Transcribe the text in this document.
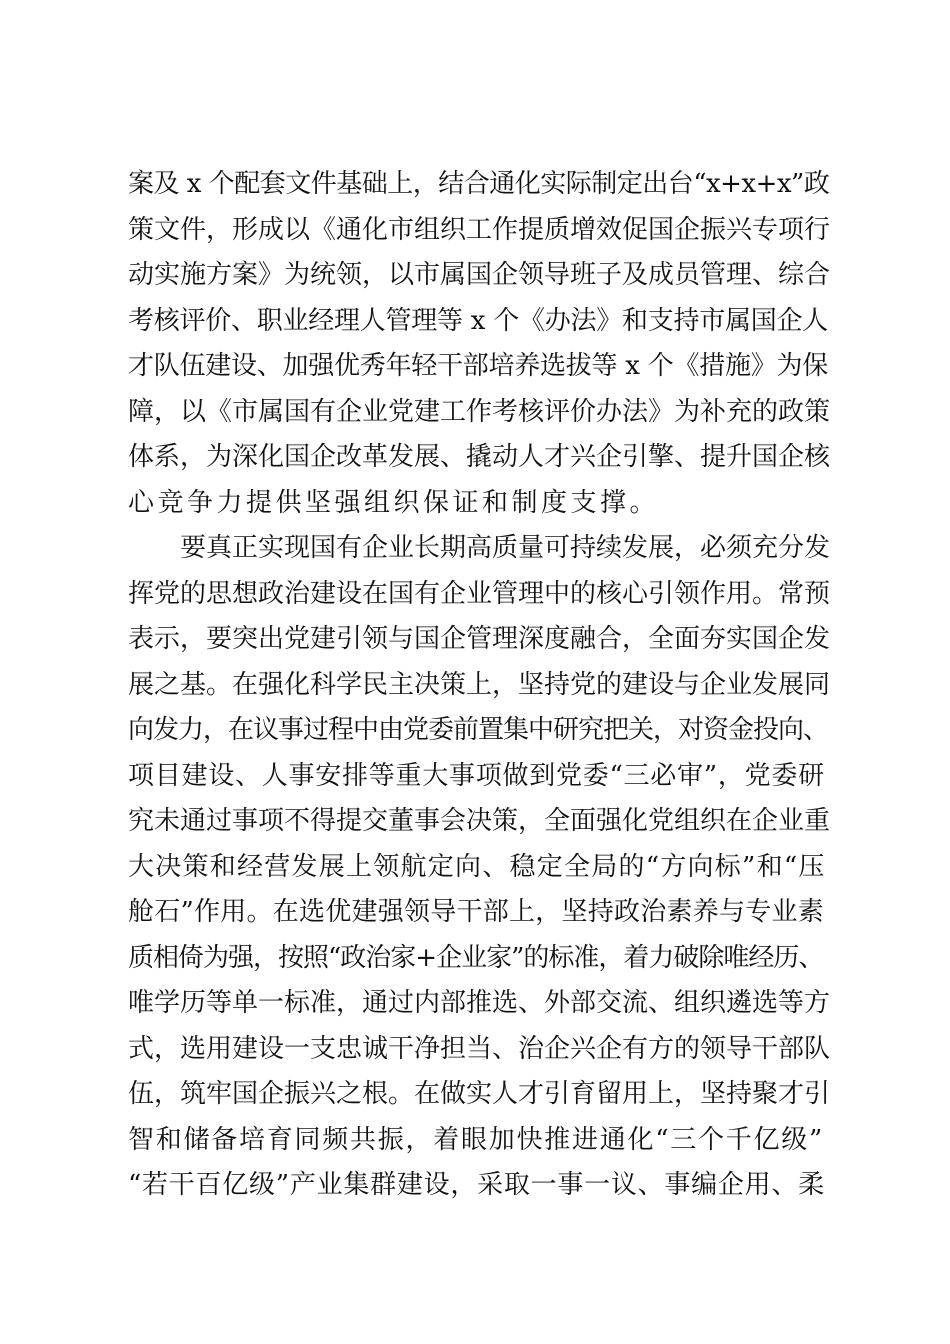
案及 x 个配套文件基础上，结合通化实际制定出台“x+x+x”政
策文件，形成以《通化市组织工作提质增效促国企振兴专项行
动实施方案》为统领，以市属国企领导班子及成员管理、综合
考核评价、职业经理人管理等 x 个《办法》和支持市属国企人
才队伍建设、加强优秀年轻干部培养选拔等 x 个《措施》为保
障，以《市属国有企业党建工作考核评价办法》为补充的政策
体系，为深化国企改革发展、撬动人才兴企引擎、提升国企核
心竞争力提供坚强组织保证和制度支撑。
　　要真正实现国有企业长期高质量可持续发展，必须充分发
挥党的思想政治建设在国有企业管理中的核心引领作用。常预
表示，要突出党建引领与国企管理深度融合，全面夯实国企发
展之基。在强化科学民主决策上，坚持党的建设与企业发展同
向发力，在议事过程中由党委前置集中研究把关，对资金投向、
项目建设、人事安排等重大事项做到党委“三必审”，党委研
究未通过事项不得提交董事会决策，全面强化党组织在企业重
大决策和经营发展上领航定向、稳定全局的“方向标”和“压
舱石”作用。在选优建强领导干部上，坚持政治素养与专业素
质相倚为强，按照“政治家+企业家”的标准，着力破除唯经历、
唯学历等单一标准，通过内部推选、外部交流、组织遴选等方
式，选用建设一支忠诚干净担当、治企兴企有方的领导干部队
伍，筑牢国企振兴之根。在做实人才引育留用上，坚持聚才引
智和储备培育同频共振，着眼加快推进通化“三个千亿级”
“若干百亿级”产业集群建设，采取一事一议、事编企用、柔
